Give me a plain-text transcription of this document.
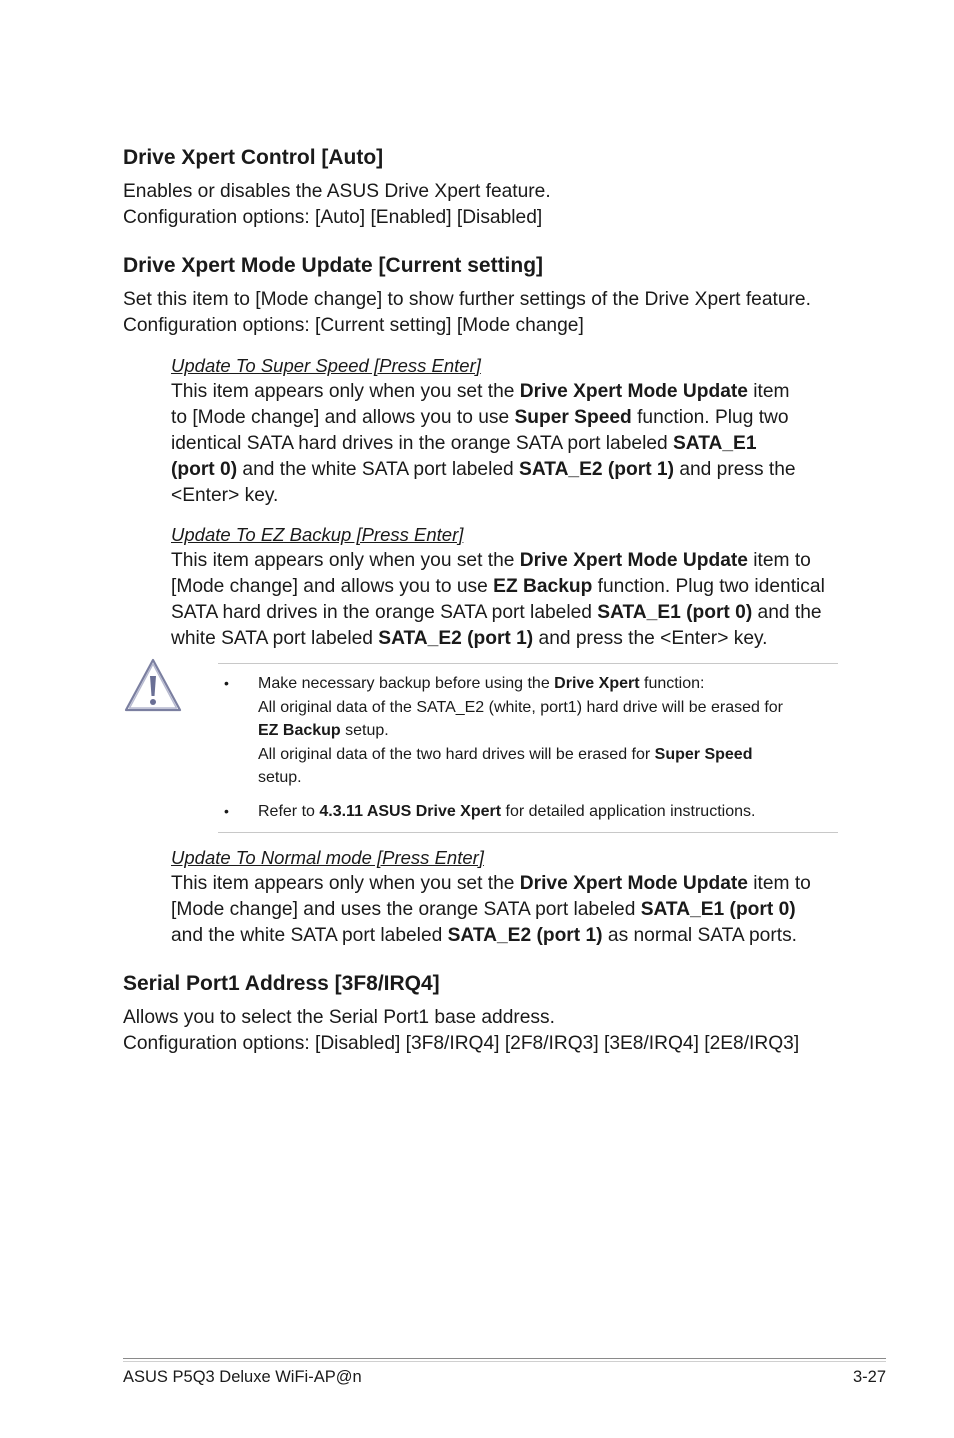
Drive Xpert Control [Auto]

Enables or disables the ASUS Drive Xpert feature.

Configuration options: [Auto] [Enabled] [Disabled]

Drive Xpert Mode Update [Current setting]

Set this item to [Mode change] to show further settings of the Drive Xpert feature.

Configuration options: [Current setting] [Mode change]

Update To Super Speed [Press Enter]
This item appears only when you set the Drive Xpert Mode Update item
to [Mode change] and allows you to use Super Speed function. Plug two
identical SATA hard drives in the orange SATA port labeled SATA_E1
(port 0) and the white SATA port labeled SATA_E2 (port 1) and press the
<Enter> key.
Update To EZ Backup [Press Enter]
This item appears only when you set the Drive Xpert Mode Update item to
[Mode change] and allows you to use EZ Backup function. Plug two identical
SATA hard drives in the orange SATA port labeled SATA_E1 (port 0) and the
white SATA port labeled SATA_E2 (port 1) and press the <Enter> key.
• Make necessary backup before using the Drive Xpert function:
All original data of the SATA_E2 (white, port1) hard drive will be erased for
EZ Backup setup.
All original data of the two hard drives will be erased for Super Speed
setup.
• Refer to 4.3.11 ASUS Drive Xpert for detailed application instructions.
Update To Normal mode [Press Enter]
This item appears only when you set the Drive Xpert Mode Update item to
[Mode change] and uses the orange SATA port labeled SATA_E1 (port 0)
and the white SATA port labeled SATA_E2 (port 1) as normal SATA ports.
Serial Port1 Address [3F8/IRQ4]

Allows you to select the Serial Port1 base address.

Configuration options: [Disabled] [3F8/IRQ4] [2F8/IRQ3] [3E8/IRQ4] [2E8/IRQ3]

ASUS P5Q3 Deluxe WiFi-AP@n	3-27
